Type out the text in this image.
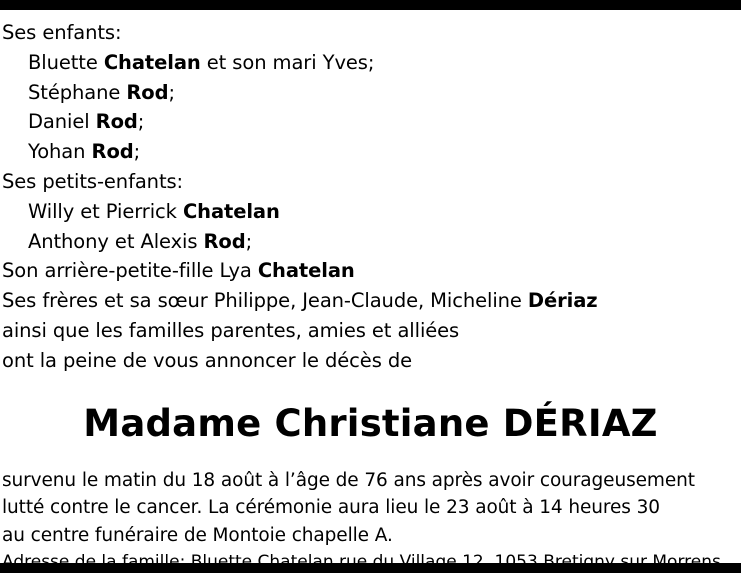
Ses enfants:
Bluette Chatelan et son mari Yves;
Stéphane Rod;
Daniel Rod;
Yohan Rod;
Ses petits-enfants:
Willy et Pierrick Chatelan
Anthony et Alexis Rod;
Son arrière-petite-fille Lya Chatelan
Ses frères et sa sœur Philippe, Jean-Claude, Micheline Dériaz
ainsi que les familles parentes, amies et alliées
ont la peine de vous annoncer le décès de
Madame Christiane DÉRIAZ
survenu le matin du 18 août à l’âge de 76 ans après avoir courageusement
lutté contre le cancer. La cérémonie aura lieu le 23 août à 14 heures 30
au centre funéraire de Montoie chapelle A.
